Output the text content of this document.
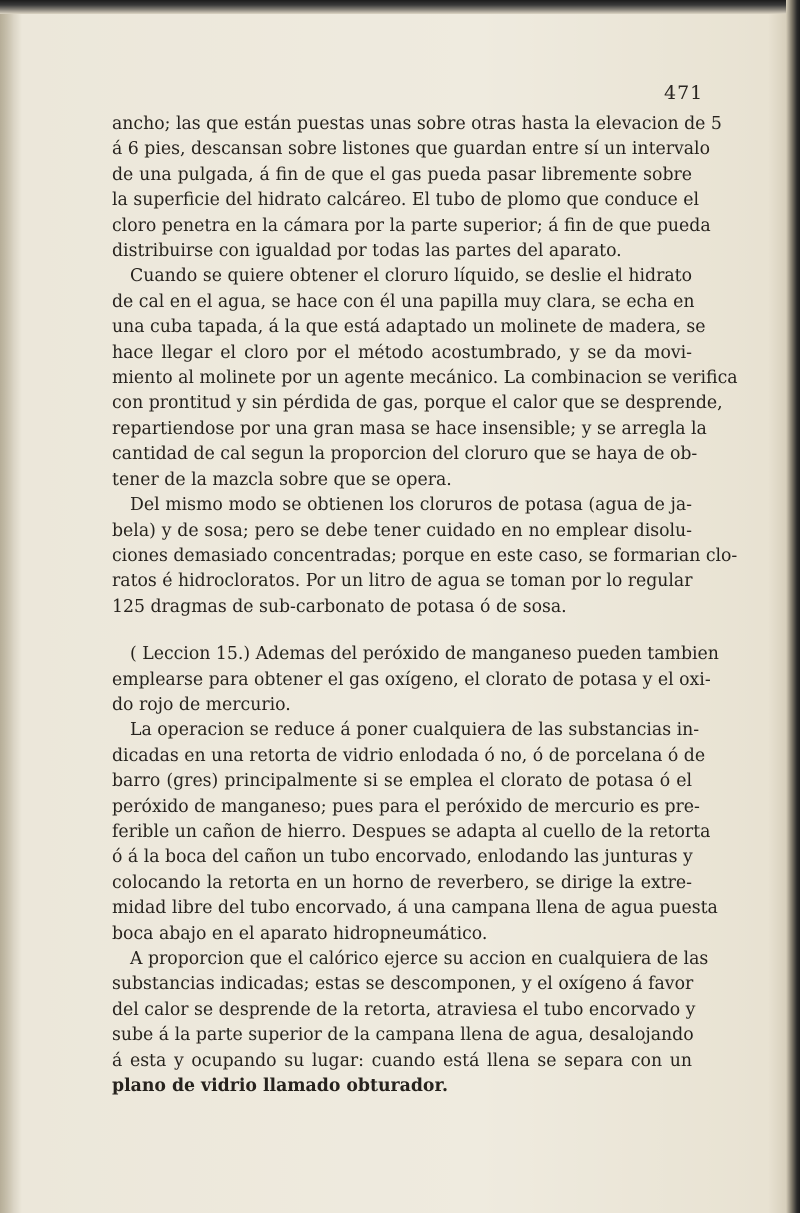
471

ancho; las que están puestas unas sobre otras hasta la elevacion de 5
á 6 pies, descansan sobre listones que guardan entre sí un intervalo
de una pulgada, á fin de que el gas pueda pasar libremente sobre
la superficie del hidrato calcáreo. El tubo de plomo que conduce el
cloro penetra en la cámara por la parte superior; á fin de que pueda
distribuirse con igualdad por todas las partes del aparato.

Cuando se quiere obtener el cloruro líquido, se deslie el hidrato
de cal en el agua, se hace con él una papilla muy clara, se echa en
una cuba tapada, á la que está adaptado un molinete de madera, se
hace llegar el cloro por el método acostumbrado, y se da movi-
miento al molinete por un agente mecánico. La combinacion se verifica
con prontitud y sin pérdida de gas, porque el calor que se desprende,
repartiendose por una gran masa se hace insensible; y se arregla la
cantidad de cal segun la proporcion del cloruro que se haya de ob-
tener de la mazcla sobre que se opera.

Del mismo modo se obtienen los cloruros de potasa (agua de ja-
bela) y de sosa; pero se debe tener cuidado en no emplear disolu-
ciones demasiado concentradas; porque en este caso, se formarian clo-
ratos é hidrocloratos. Por un litro de agua se toman por lo regular
125 dragmas de sub-carbonato de potasa ó de sosa.

( Leccion 15.) Ademas del peróxido de manganeso pueden tambien
emplearse para obtener el gas oxígeno, el clorato de potasa y el oxi-
do rojo de mercurio.

La operacion se reduce á poner cualquiera de las substancias in-
dicadas en una retorta de vidrio enlodada ó no, ó de porcelana ó de
barro (gres) principalmente si se emplea el clorato de potasa ó el
peróxido de manganeso; pues para el peróxido de mercurio es pre-
ferible un cañon de hierro. Despues se adapta al cuello de la retorta
ó á la boca del cañon un tubo encorvado, enlodando las junturas y
colocando la retorta en un horno de reverbero, se dirige la extre-
midad libre del tubo encorvado, á una campana llena de agua puesta
boca abajo en el aparato hidropneumático.

A proporcion que el calórico ejerce su accion en cualquiera de las
substancias indicadas; estas se descomponen, y el oxígeno á favor
del calor se desprende de la retorta, atraviesa el tubo encorvado y
sube á la parte superior de la campana llena de agua, desalojando
á esta y ocupando su lugar: cuando está llena se separa con un
plano de vidrio llamado obturador.
